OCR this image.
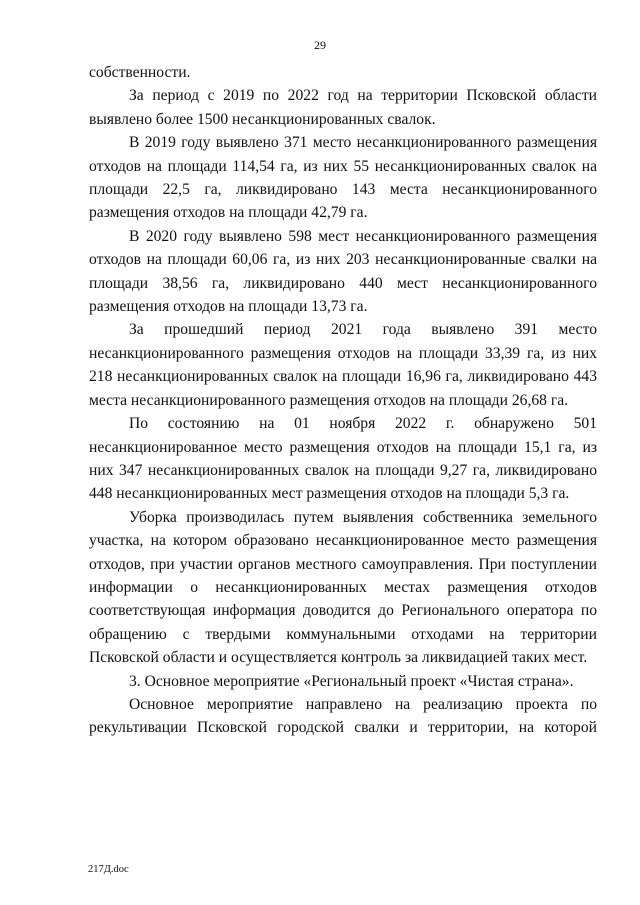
29

собственности.

За период с 2019 по 2022 год на территории Псковской области выявлено более 1500 несанкционированных свалок.

В 2019 году выявлено 371 место несанкционированного размещения отходов на площади 114,54 га, из них 55 несанкционированных свалок на площади 22,5 га, ликвидировано 143 места несанкционированного размещения отходов на площади 42,79 га.

В 2020 году выявлено 598 мест несанкционированного размещения отходов на площади 60,06 га, из них 203 несанкционированные свалки на площади 38,56 га, ликвидировано 440 мест несанкционированного размещения отходов на площади 13,73 га.

За прошедший период 2021 года выявлено 391 место несанкционированного размещения отходов на площади 33,39 га, из них 218 несанкционированных свалок на площади 16,96 га, ликвидировано 443 места несанкционированного размещения отходов на площади 26,68 га.

По состоянию на 01 ноября 2022 г. обнаружено 501 несанкционированное место размещения отходов на площади 15,1 га, из них 347 несанкционированных свалок на площади 9,27 га, ликвидировано 448 несанкционированных мест размещения отходов на площади 5,3 га.

Уборка производилась путем выявления собственника земельного участка, на котором образовано несанкционированное место размещения отходов, при участии органов местного самоуправления. При поступлении информации о несанкционированных местах размещения отходов соответствующая информация доводится до Регионального оператора по обращению с твердыми коммунальными отходами на территории Псковской области и осуществляется контроль за ликвидацией таких мест.

3. Основное мероприятие «Региональный проект «Чистая страна».

Основное мероприятие направлено на реализацию проекта по рекультивации Псковской городской свалки и территории, на которой

217Д.doc
